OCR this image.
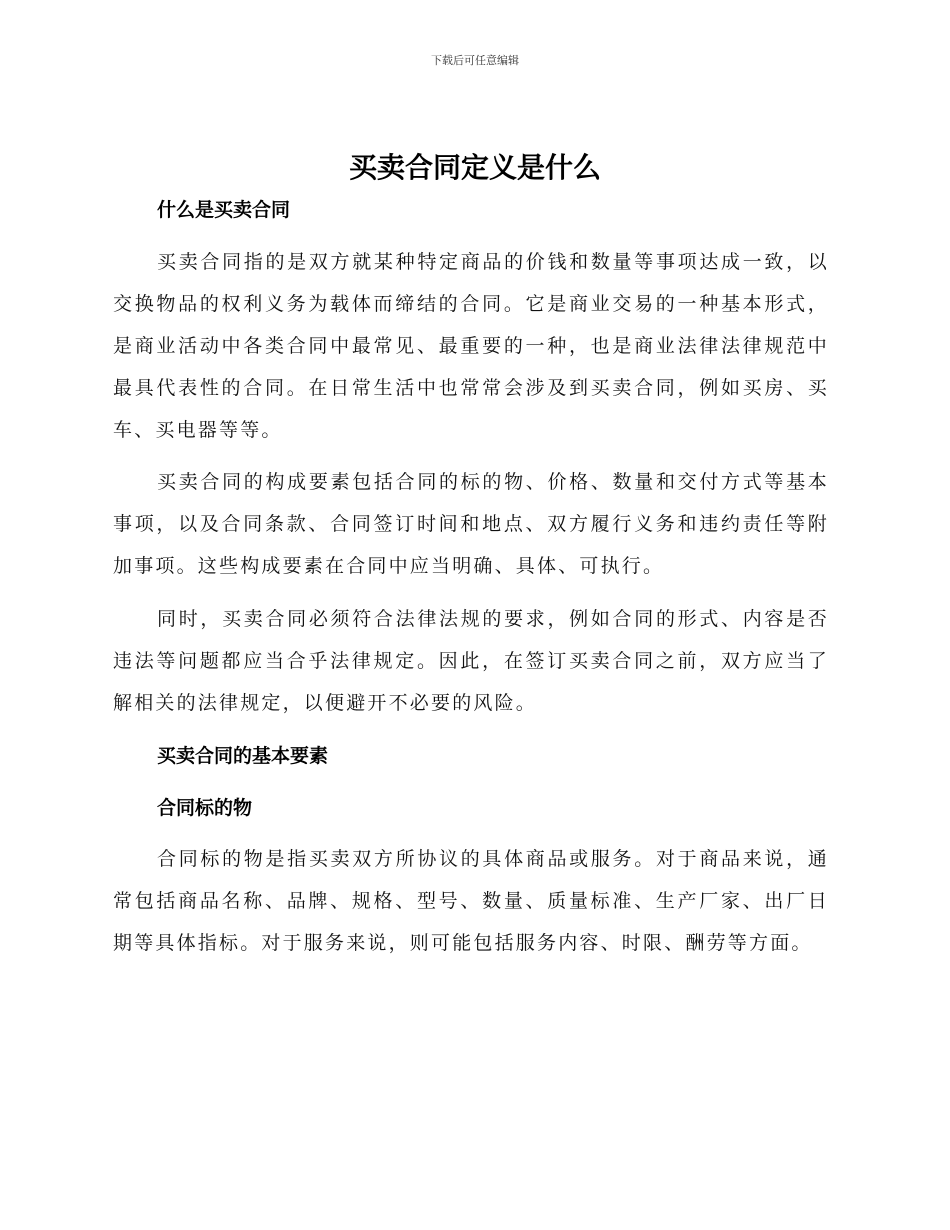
下载后可任意编辑
买卖合同定义是什么
什么是买卖合同

买卖合同指的是双方就某种特定商品的价钱和数量等事项达成一致，以交换物品的权利义务为载体而缔结的合同。它是商业交易的一种基本形式，是商业活动中各类合同中最常见、最重要的一种，也是商业法律法律规范中最具代表性的合同。在日常生活中也常常会涉及到买卖合同，例如买房、买车、买电器等等。

买卖合同的构成要素包括合同的标的物、价格、数量和交付方式等基本事项，以及合同条款、合同签订时间和地点、双方履行义务和违约责任等附加事项。这些构成要素在合同中应当明确、具体、可执行。

同时，买卖合同必须符合法律法规的要求，例如合同的形式、内容是否违法等问题都应当合乎法律规定。因此，在签订买卖合同之前，双方应当了解相关的法律规定，以便避开不必要的风险。

买卖合同的基本要素
合同标的物

合同标的物是指买卖双方所协议的具体商品或服务。对于商品来说，通常包括商品名称、品牌、规格、型号、数量、质量标准、生产厂家、出厂日期等具体指标。对于服务来说，则可能包括服务内容、时限、酬劳等方面。
